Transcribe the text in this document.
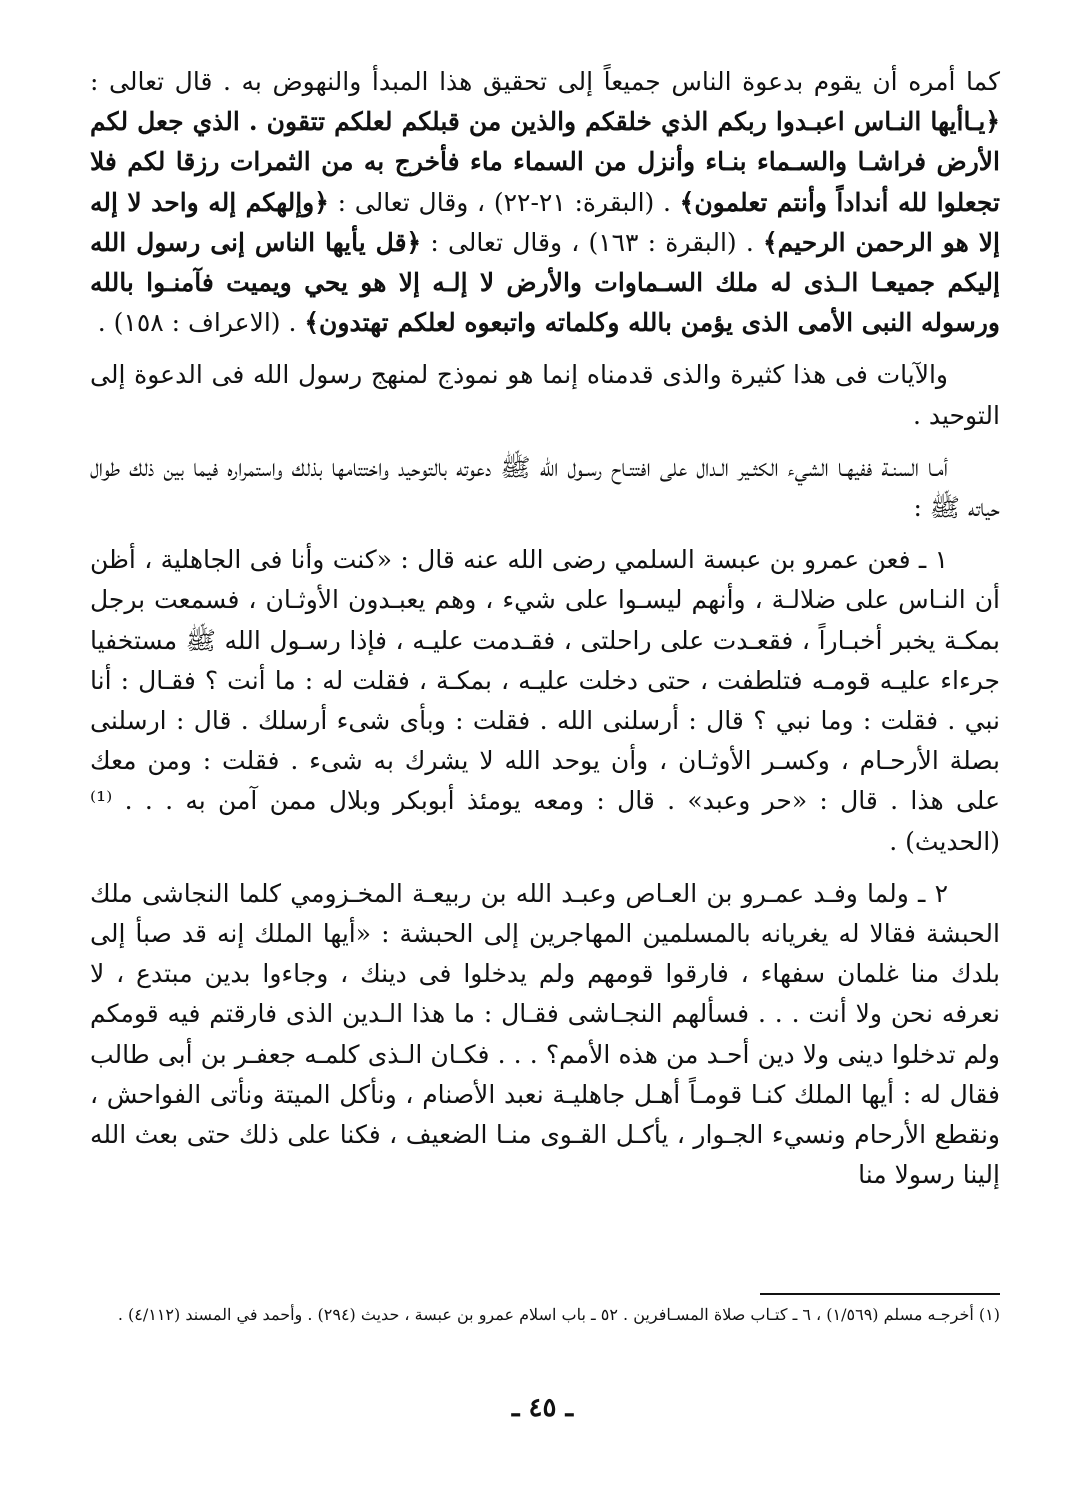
كما أمره أن يقوم بدعوة الناس جميعاً إلى تحقيق هذا المبدأ والنهوض به . قال تعالى : ﴿يـاأيها النـاس اعبـدوا ربكم الذي خلقكم والذين من قبلكم لعلكم تتقون . الذي جعل لكم الأرض فراشـا والسـماء بنـاء وأنزل من السماء ماء فأخرج به من الثمرات رزقا لكم فلا تجعلوا لله أنداداً وأنتم تعلمون﴾ . (البقرة: ٢١-٢٢) ، وقال تعالى : ﴿وإلهكم إله واحد لا إله إلا هو الرحمن الرحيم﴾ . (البقرة : ١٦٣) ، وقال تعالى : ﴿قل يأيها الناس إنى رسول الله إليكم جميعـا الـذى له ملك السـماوات والأرض لا إلـه إلا هو يحي ويميت فآمنـوا بالله ورسوله النبى الأمى الذى يؤمن بالله وكلماته واتبعوه لعلكم تهتدون﴾ . (الاعراف : ١٥٨) .

والآيات فى هذا كثيرة والذى قدمناه إنما هو نموذج لمنهج رسول الله فى الدعوة إلى التوحيد .

أمـا السنـة ففيهـا الشيء الكثـير الـدال على افتتـاح رسـول الله ﷺ دعوته بالتوحيد واختتامها بذلك واستمراره فيما بين ذلك طوال حياته ﷺ :

١ ـ فعن عمرو بن عبسة السلمي رضى الله عنه قال : «كنت وأنا فى الجاهلية ، أظن أن النـاس على ضلالـة ، وأنهم ليسـوا على شيء ، وهم يعبـدون الأوثـان ، فسمعت برجل بمكـة يخبر أخبـاراً ، فقعـدت على راحلتى ، فقـدمت عليـه ، فإذا رسـول الله ﷺ مستخفيا جرءاء عليـه قومـه فتلطفت ، حتى دخلت عليـه ، بمكـة ، فقلت له : ما أنت ؟ فقـال : أنا نبي . فقلت : وما نبي ؟ قال : أرسلنى الله . فقلت : وبأى شىء أرسلك . قال : ارسلنى بصلة الأرحـام ، وكسـر الأوثـان ، وأن يوحد الله لا يشرك به شىء . فقلت : ومن معك على هذا . قال : «حر وعبد» . قال : ومعه يومئذ أبوبكر وبلال ممن آمن به . . . ⁽¹⁾ (الحديث) .

٢ ـ ولما وفـد عمـرو بن العـاص وعبـد الله بن ربيعـة المخـزومي كلما النجاشى ملك الحبشة فقالا له يغريانه بالمسلمين المهاجرين إلى الحبشة : «أيها الملك إنه قد صبأ إلى بلدك منا غلمان سفهاء ، فارقوا قومهم ولم يدخلوا فى دينك ، وجاءوا بدين مبتدع ، لا نعرفه نحن ولا أنت . . . فسألهم النجـاشى فقـال : ما هذا الـدين الذى فارقتم فيه قومكم ولم تدخلوا دينى ولا دين أحـد من هذه الأمم؟ . . . فكـان الـذى كلمـه جعفـر بن أبى طالب فقال له : أيها الملك كنـا قومـاً أهـل جاهليـة نعبد الأصنام ، ونأكل الميتة ونأتى الفواحش ، ونقطع الأرحام ونسيء الجـوار ، يأكـل القـوى منـا الضعيف ، فكنا على ذلك حتى بعث الله إلينا رسولا منا

(١) أخرجـه مسلم (١/٥٦٩) ، ٦ ـ كتـاب صلاة المسـافرين . ٥٢ ـ باب اسلام عمرو بن عبسة ، حديث (٢٩٤) . وأحمد في المسند (٤/١١٢) .
ـ ٤٥ ـ
